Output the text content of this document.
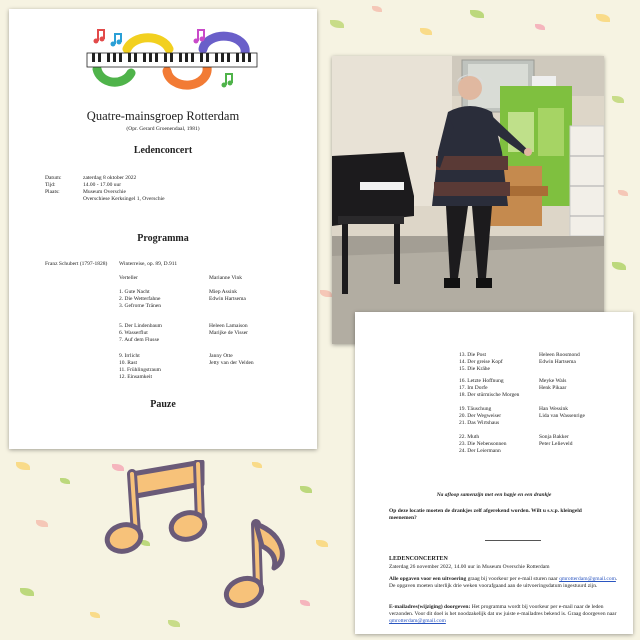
Quatre-mainsgroep Rotterdam
(Opr. Gerard Groenendaal, 1981)
Ledenconcert
Datum:
Tijd:
Plaats:
zaterdag 8 oktober 2022
14.00 - 17.00 uur
Museum Overschie
Overschiese Kerksingel 1, Overschie
Programma
Franz Schubert (1797-1828) Winterreise, op. 89, D.911
Verteller	Marianne Vink
1. Gute Nacht
2. Die Wetterfahne
3. Gefrorne Tränen
Miep Assink
Edwin Hartsema
5. Der Lindenbaum
6. Wasserflut
7. Auf dem Flusse
Heleen Lamaison
Marijke de Visser
9. Irrlicht
10. Rast
11. Frühlingstraum
12. Einsamkeit
Janny Otte
Jetty van der Velden
Pauze
13. Die Post
14. Der greise Kopf
15. Die Krähe
Heleen Roosmond
Edwin Hartsema
16. Letzte Hoffnung
17. Im Dorfe
18. Der stürmische Morgen
Meyke Wals
Henk Pikaar
19. Täuschung
20. Der Wegweiser
21. Das Wirtshaus
Han Wessink
Lida van Wassenrige
22. Muth
23. Die Nebensonnen
24. Der Leiermann
Sonja Bakker
Peter Lelieveld
Na afloop samenzijn met een hapje en een drankje
Op deze locatie moeten de drankjes zelf afgerekend worden. Wilt u s.v.p. kleingeld meenemen?
LEDENCONCERTEN
Zaterdag 26 november 2022, 14.00 uur in Museum Overschie Rotterdam
Alle opgaven voor een uitvoering graag bij voorkeur per e-mail sturen naar qmrotterdam@gmail.com. De opgaven moeten uiterlijk drie weken voorafgaand aan de uitvoeringsdatum ingestuurd zijn.
E-mailadres(wijziging) doorgeven: Het programma wordt bij voorkeur per e-mail naar de leden verzonden. Voor dit doel is het noodzakelijk dat uw juiste e-mailadres bekend is. Graag doorgeven naar qmrotterdam@gmail.com
